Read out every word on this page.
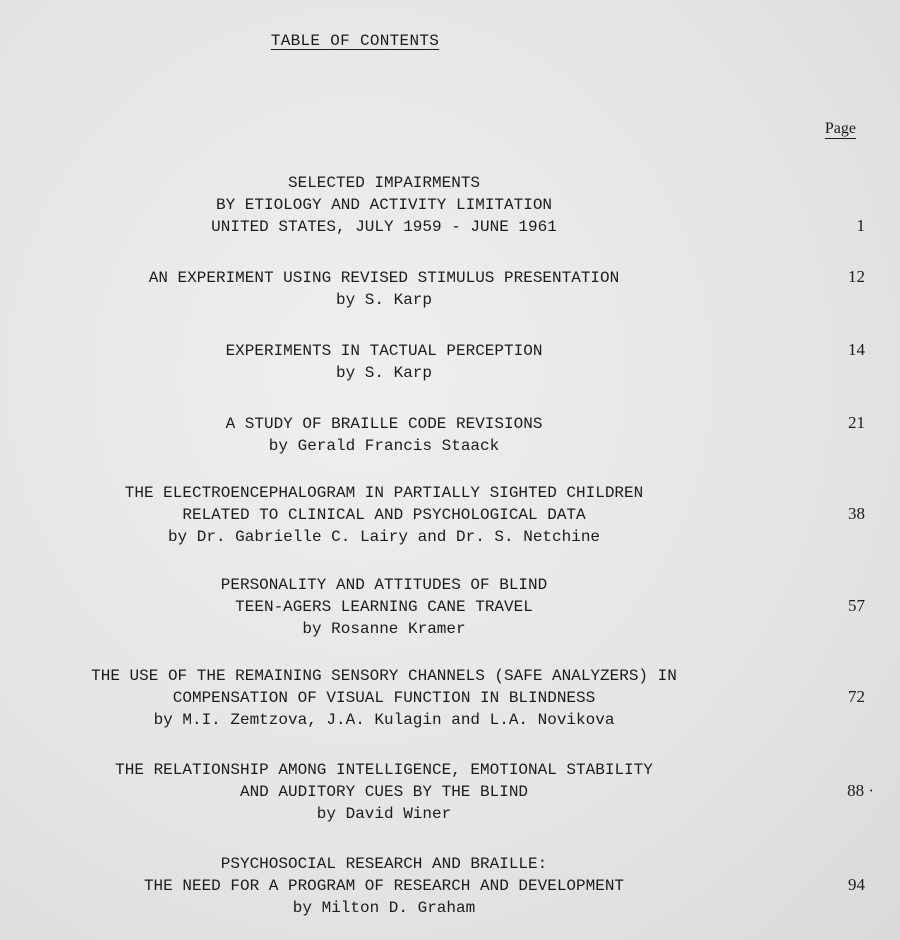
TABLE OF CONTENTS
Page
SELECTED IMPAIRMENTS
BY ETIOLOGY AND ACTIVITY LIMITATION
UNITED STATES, JULY 1959 - JUNE 1961	1
AN EXPERIMENT USING REVISED STIMULUS PRESENTATION
by S. Karp
12
EXPERIMENTS IN TACTUAL PERCEPTION
by S. Karp
14
A STUDY OF BRAILLE CODE REVISIONS
by Gerald Francis Staack
21
THE ELECTROENCEPHALOGRAM IN PARTIALLY SIGHTED CHILDREN
RELATED TO CLINICAL AND PSYCHOLOGICAL DATA
by Dr. Gabrielle C. Lairy and Dr. S. Netchine
38
PERSONALITY AND ATTITUDES OF BLIND
TEEN-AGERS LEARNING CANE TRAVEL
by Rosanne Kramer
57
THE USE OF THE REMAINING SENSORY CHANNELS (SAFE ANALYZERS) IN
COMPENSATION OF VISUAL FUNCTION IN BLINDNESS
by M.I. Zemtzova, J.A. Kulagin and L.A. Novikova
72
THE RELATIONSHIP AMONG INTELLIGENCE, EMOTIONAL STABILITY
AND AUDITORY CUES BY THE BLIND
by David Winer
88 ·
PSYCHOSOCIAL RESEARCH AND BRAILLE:
THE NEED FOR A PROGRAM OF RESEARCH AND DEVELOPMENT
by Milton D. Graham
94
